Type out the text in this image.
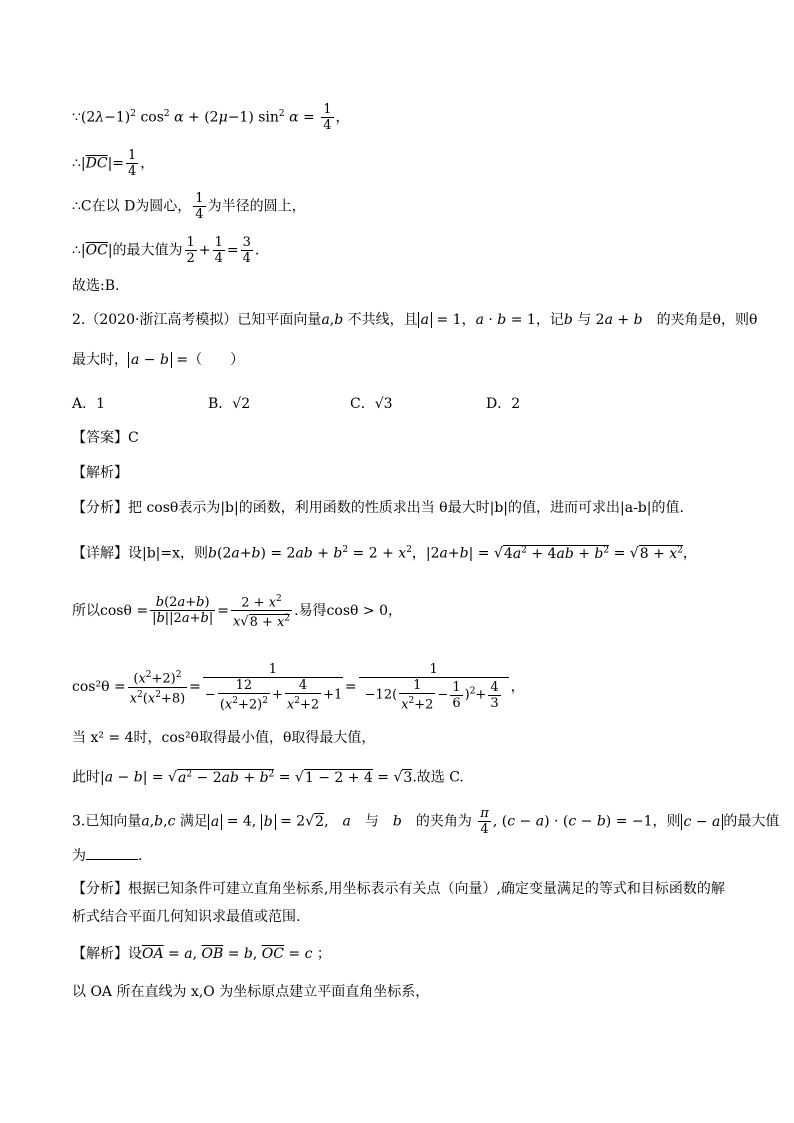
$\because(2\lambda-1)^2$ $\cos^2 \alpha + (2\mu-1)$ $\sin^2 \alpha = \frac{1}{4}$ ，
$\therefore|\overline{DC}|= \frac{1}{4}$ ，
∴C在以 D为圆心， $\frac{1}{4}$ 为半径的圆上，
$\therefore|\overline{OC}|$的最大值为 $\frac{1}{2} + \frac{1}{4} = \frac{3}{4}$ .
故选:B.
2.（2020·浙江高考模拟）已知平面向量a,b 不共线，且 a = 1，a · b = 1，记b 与 2a + b　 的夹角是θ，则θ
最大时， a − b =（　　）
A．1	B．√2	C．√3	D．2
【答案】C
【解析】
【分析】把 cosθ表示为|b|的函数，利用函数的性质求出当 θ最大时|b|的值，进而可求出|a-b|的值.
【详解】设|b|=x，则$b(2a+b) = 2ab + b^2 = 2 + x^2$，$|2a+b| = √4a^2 + 4ab + b^2 = √8 + x^2$，
所以$\cos\theta = \frac{b(2a+b)}{|b||2a+b|} = \frac{2 + x^2}{x√8 + x^2}$ .易得cosθ > 0，
$\cos^2\theta = \frac{(x^2+2)^2}{x^2(x^2+8)} = \frac{1}{- \frac{12}{(x^2+2)^2} + \frac{4}{x^2+2} +1} = \frac{1}{-12( \frac{1}{x^2+2} - \frac{1}{6} )^2+ \frac{4}{3}}$ ，
当 x² = 4时，cos²θ取得最小值，θ取得最大值，
此时$|a - b| = √a^2 - 2ab + b^2 = √1 - 2 + 4 = √3$.故选 C.
3.已知向量a,b,c 满足 a = 4, b = 2√2,　a　 与　 b　 的夹角为 $\frac{\pi}{4}$ , (c − a) · (c − b) = −1，则 c − a 的最大值
为	.
【分析】根据已知条件可建立直角坐标系,用坐标表示有关点（向量）,确定变量满足的等式和目标函数的解
析式结合平面几何知识求最值或范围.
【解析】设$\overline{OA} = a$, $\overline{OB} = b$, $\overline{OC} = c$ ；
以 OA 所在直线为 x,O 为坐标原点建立平面直角坐标系，
